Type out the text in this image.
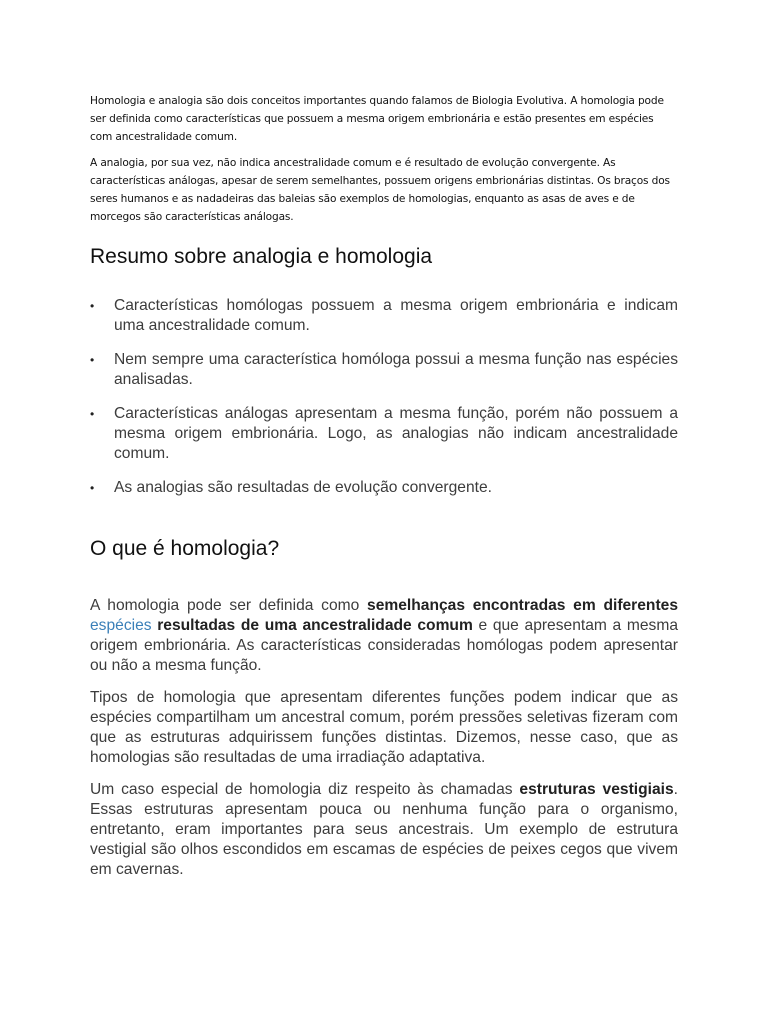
Homologia e analogia são dois conceitos importantes quando falamos de Biologia Evolutiva. A homologia pode ser definida como características que possuem a mesma origem embrionária e estão presentes em espécies com ancestralidade comum.

A analogia, por sua vez, não indica ancestralidade comum e é resultado de evolução convergente. As características análogas, apesar de serem semelhantes, possuem origens embrionárias distintas. Os braços dos seres humanos e as nadadeiras das baleias são exemplos de homologias, enquanto as asas de aves e de morcegos são características análogas.

Resumo sobre analogia e homologia
• Características homólogas possuem a mesma origem embrionária e indicam uma ancestralidade comum.
• Nem sempre uma característica homóloga possui a mesma função nas espécies analisadas.
• Características análogas apresentam a mesma função, porém não possuem a mesma origem embrionária. Logo, as analogias não indicam ancestralidade comum.
• As analogias são resultadas de evolução convergente.
O que é homologia?

A homologia pode ser definida como semelhanças encontradas em diferentes espécies resultadas de uma ancestralidade comum e que apresentam a mesma origem embrionária. As características consideradas homólogas podem apresentar ou não a mesma função.

Tipos de homologia que apresentam diferentes funções podem indicar que as espécies compartilham um ancestral comum, porém pressões seletivas fizeram com que as estruturas adquirissem funções distintas. Dizemos, nesse caso, que as homologias são resultadas de uma irradiação adaptativa.

Um caso especial de homologia diz respeito às chamadas estruturas vestigiais. Essas estruturas apresentam pouca ou nenhuma função para o organismo, entretanto, eram importantes para seus ancestrais. Um exemplo de estrutura vestigial são olhos escondidos em escamas de espécies de peixes cegos que vivem em cavernas.
